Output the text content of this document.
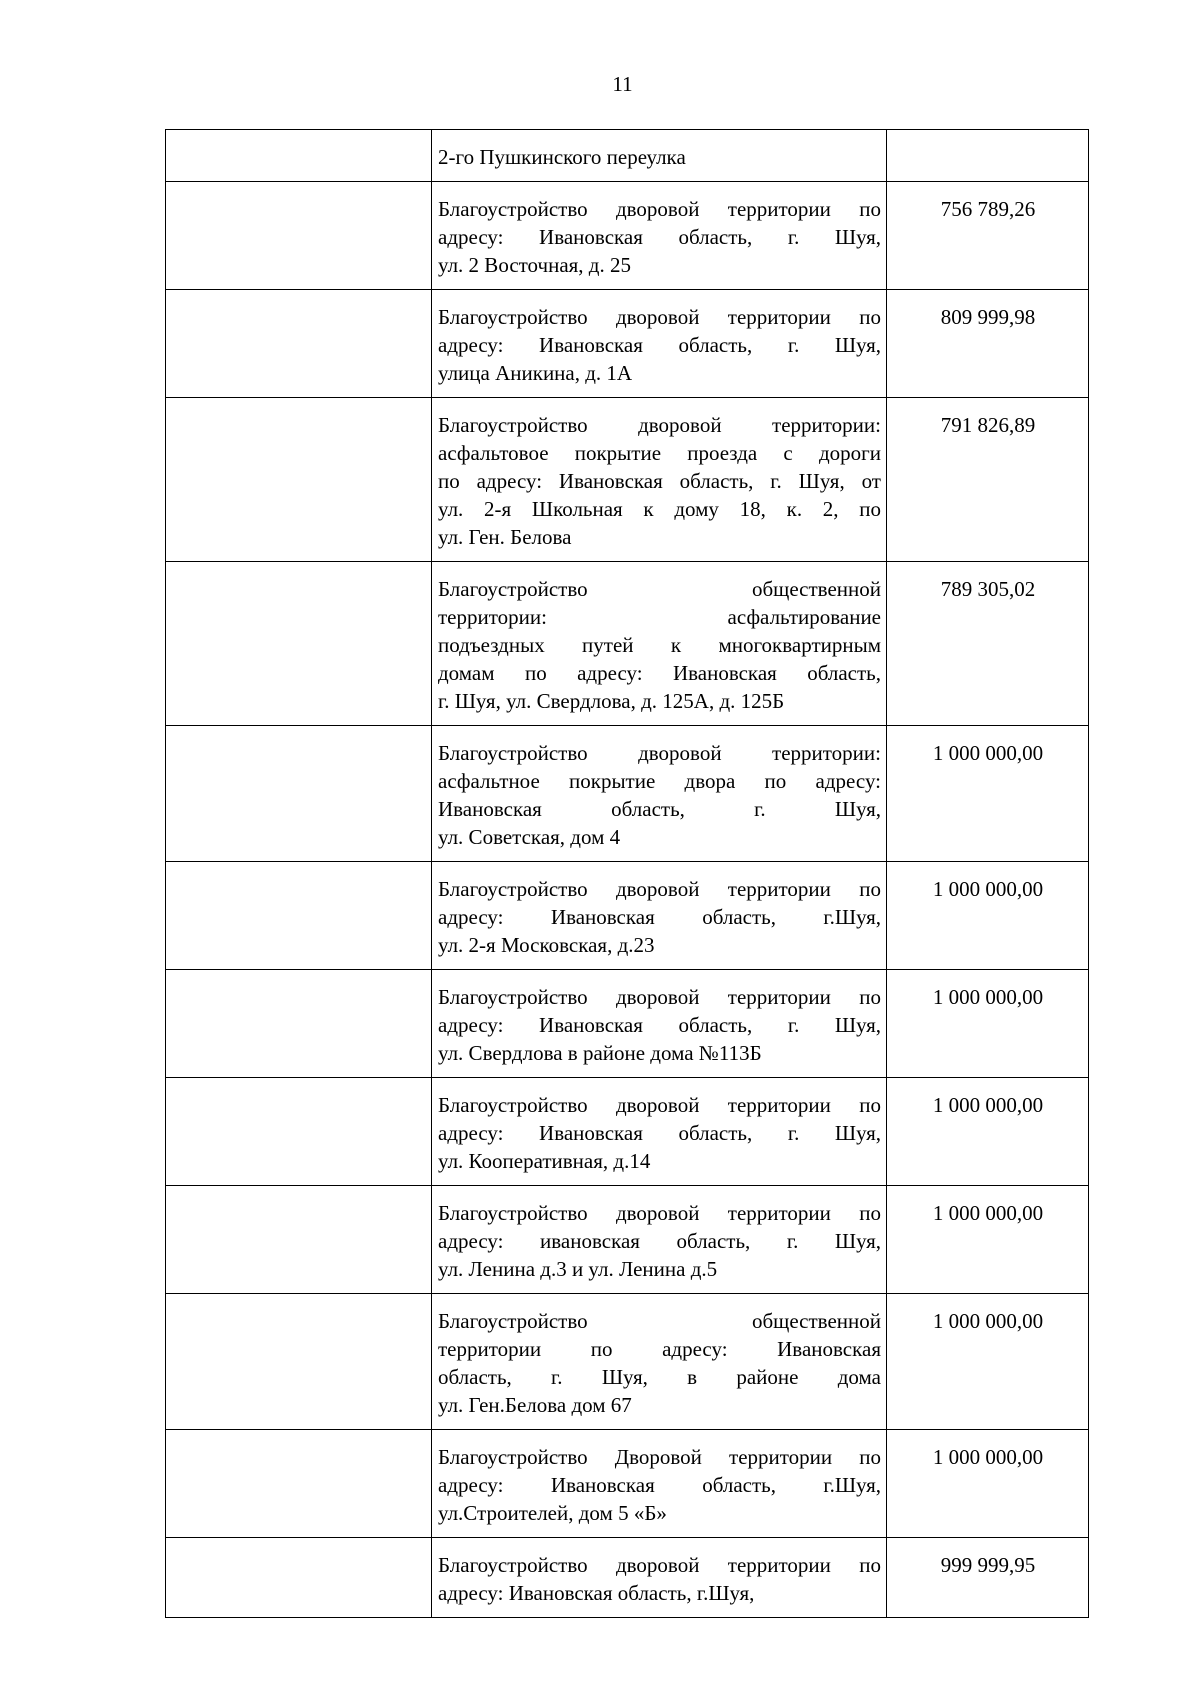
11

	2-го Пушкинского переулка	

	Благоустройство дворовой территории по
адресу: Ивановская область, г. Шуя,
ул. 2 Восточная, д. 25	756 789,26

	Благоустройство дворовой территории по
адресу: Ивановская область, г. Шуя,
улица Аникина, д. 1А	809 999,98

	Благоустройство дворовой территории:
асфальтовое покрытие проезда с дороги
по адресу: Ивановская область, г. Шуя, от
ул. 2-я Школьная к дому 18, к. 2, по
ул. Ген. Белова	791 826,89

	Благоустройство общественной
территории: асфальтирование
подъездных путей к многоквартирным
домам по адресу: Ивановская область,
г. Шуя, ул. Свердлова, д. 125А, д. 125Б	789 305,02

	Благоустройство дворовой территории:
асфальтное покрытие двора по адресу:
Ивановская область, г. Шуя,
ул. Советская, дом 4	1 000 000,00

	Благоустройство дворовой территории по
адресу: Ивановская область, г.Шуя,
ул. 2-я Московская, д.23	1 000 000,00

	Благоустройство дворовой территории по
адресу: Ивановская область, г. Шуя,
ул. Свердлова в районе дома №113Б	1 000 000,00

	Благоустройство дворовой территории по
адресу: Ивановская область, г. Шуя,
ул. Кооперативная, д.14	1 000 000,00

	Благоустройство дворовой территории по
адресу: ивановская область, г. Шуя,
ул. Ленина д.3 и ул. Ленина д.5	1 000 000,00

	Благоустройство общественной
территории по адресу: Ивановская
область, г. Шуя, в районе дома
ул. Ген.Белова дом 67	1 000 000,00

	Благоустройство Дворовой территории по
адресу: Ивановская область, г.Шуя,
ул.Строителей, дом 5 «Б»	1 000 000,00

	Благоустройство дворовой территории по
адресу: Ивановская область, г.Шуя,	999 999,95
